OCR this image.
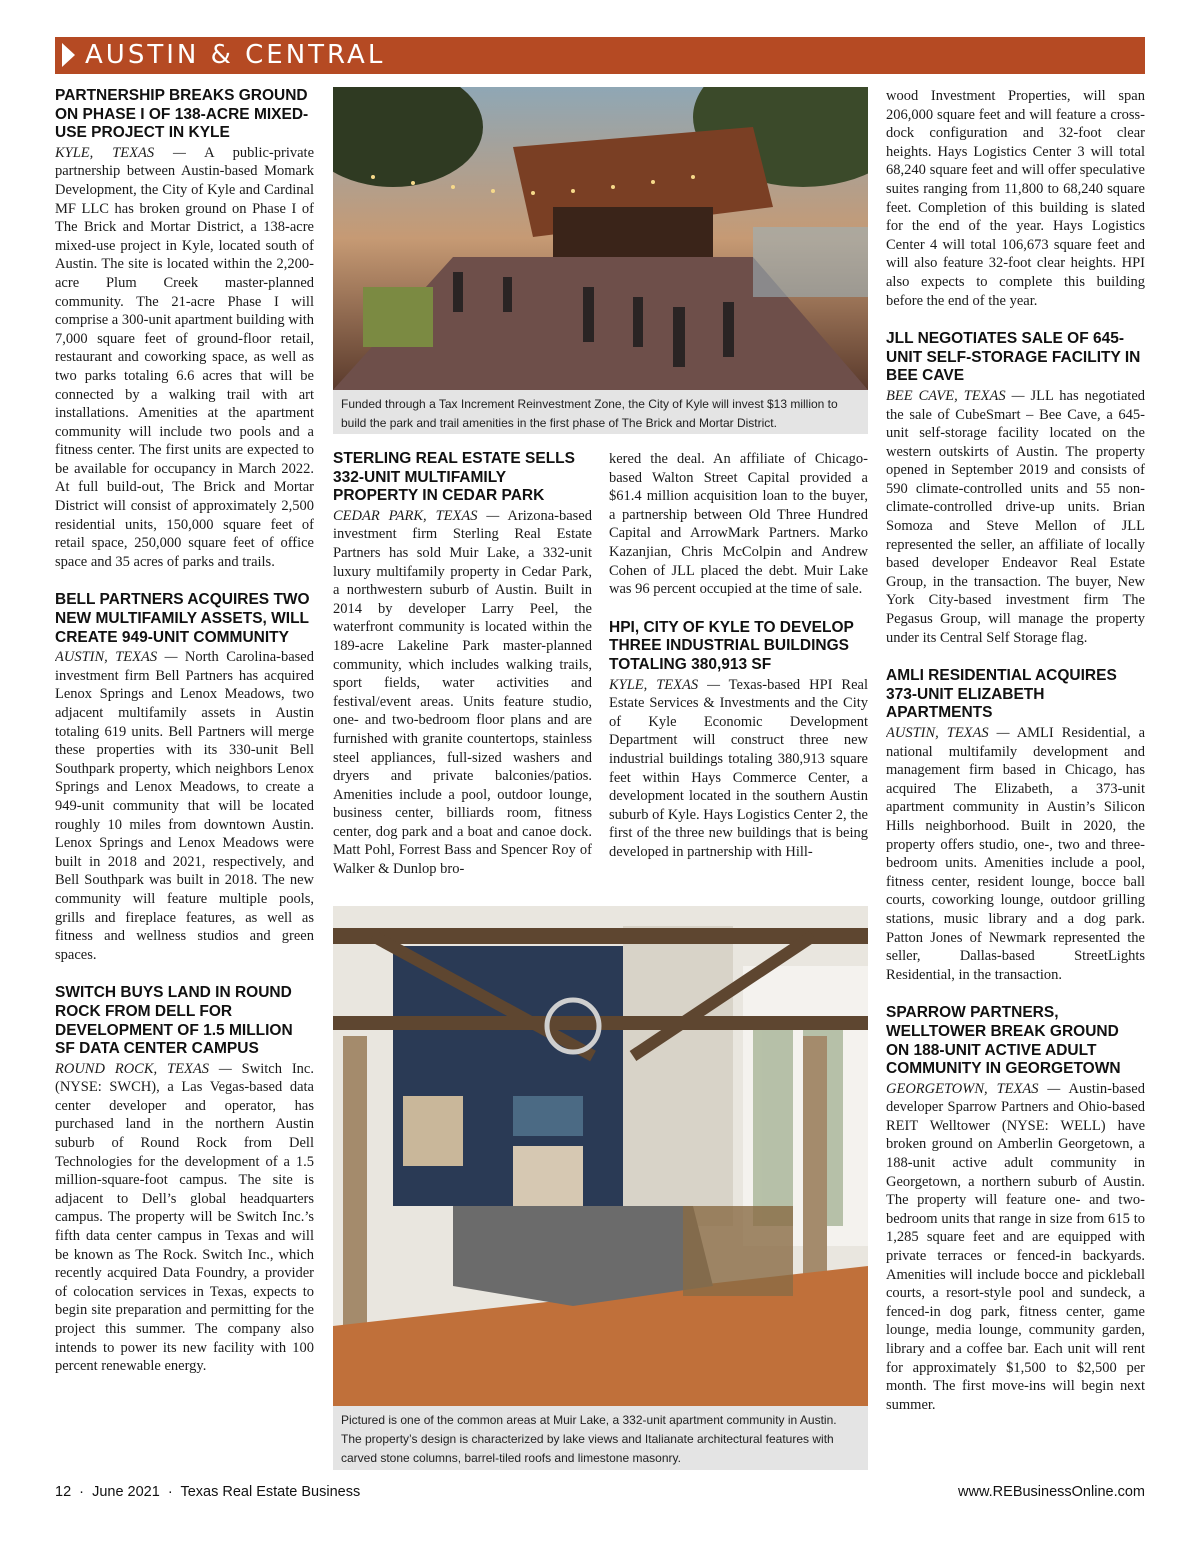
AUSTIN & CENTRAL
PARTNERSHIP BREAKS GROUND ON PHASE I OF 138-ACRE MIXED-USE PROJECT IN KYLE

KYLE, TEXAS — A public-private partnership between Austin-based Momark Development, the City of Kyle and Cardinal MF LLC has broken ground on Phase I of The Brick and Mortar District, a 138-acre mixed-use project in Kyle, located south of Austin. The site is located within the 2,200-acre Plum Creek master-planned community. The 21-acre Phase I will comprise a 300-unit apartment building with 7,000 square feet of ground-floor retail, restaurant and coworking space, as well as two parks totaling 6.6 acres that will be connected by a walking trail with art installations. Amenities at the apartment community will include two pools and a fitness center. The first units are expected to be available for occupancy in March 2022. At full build-out, The Brick and Mortar District will consist of approximately 2,500 residential units, 150,000 square feet of retail space, 250,000 square feet of office space and 35 acres of parks and trails.

BELL PARTNERS ACQUIRES TWO NEW MULTIFAMILY ASSETS, WILL CREATE 949-UNIT COMMUNITY

AUSTIN, TEXAS — North Carolina-based investment firm Bell Partners has acquired Lenox Springs and Lenox Meadows, two adjacent multifamily assets in Austin totaling 619 units. Bell Partners will merge these properties with its 330-unit Bell Southpark property, which neighbors Lenox Springs and Lenox Meadows, to create a 949-unit community that will be located roughly 10 miles from downtown Austin. Lenox Springs and Lenox Meadows were built in 2018 and 2021, respectively, and Bell Southpark was built in 2018. The new community will feature multiple pools, grills and fireplace features, as well as fitness and wellness studios and green spaces.

SWITCH BUYS LAND IN ROUND ROCK FROM DELL FOR DEVELOPMENT OF 1.5 MILLION SF DATA CENTER CAMPUS

ROUND ROCK, TEXAS — Switch Inc. (NYSE: SWCH), a Las Vegas-based data center developer and operator, has purchased land in the northern Austin suburb of Round Rock from Dell Technologies for the development of a 1.5 million-square-foot campus. The site is adjacent to Dell’s global headquarters campus. The property will be Switch Inc.’s fifth data center campus in Texas and will be known as The Rock. Switch Inc., which recently acquired Data Foundry, a provider of colocation services in Texas, expects to begin site preparation and permitting for the project this summer. The company also intends to power its new facility with 100 percent renewable energy.

Funded through a Tax Increment Reinvestment Zone, the City of Kyle will invest $13 million to build the park and trail amenities in the first phase of The Brick and Mortar District.
STERLING REAL ESTATE SELLS 332-UNIT MULTIFAMILY PROPERTY IN CEDAR PARK

CEDAR PARK, TEXAS — Arizona-based investment firm Sterling Real Estate Partners has sold Muir Lake, a 332-unit luxury multifamily property in Cedar Park, a northwestern suburb of Austin. Built in 2014 by developer Larry Peel, the waterfront community is located within the 189-acre Lakeline Park master-planned community, which includes walking trails, sport fields, water activities and festival/event areas. Units feature studio, one- and two-bedroom floor plans and are furnished with granite countertops, stainless steel appliances, full-sized washers and dryers and private balconies/patios. Amenities include a pool, outdoor lounge, business center, billiards room, fitness center, dog park and a boat and canoe dock. Matt Pohl, Forrest Bass and Spencer Roy of Walker & Dunlop bro-

kered the deal. An affiliate of Chicago-based Walton Street Capital provided a $61.4 million acquisition loan to the buyer, a partnership between Old Three Hundred Capital and ArrowMark Partners. Marko Kazanjian, Chris McColpin and Andrew Cohen of JLL placed the debt. Muir Lake was 96 percent occupied at the time of sale.

HPI, CITY OF KYLE TO DEVELOP THREE INDUSTRIAL BUILDINGS TOTALING 380,913 SF

KYLE, TEXAS — Texas-based HPI Real Estate Services & Investments and the City of Kyle Economic Development Department will construct three new industrial buildings totaling 380,913 square feet within Hays Commerce Center, a development located in the southern Austin suburb of Kyle. Hays Logistics Center 2, the first of the three new buildings that is being developed in partnership with Hill-

Pictured is one of the common areas at Muir Lake, a 332-unit apartment community in Austin. The property’s design is characterized by lake views and Italianate architectural features with carved stone columns, barrel-tiled roofs and limestone masonry.

wood Investment Properties, will span 206,000 square feet and will feature a cross-dock configuration and 32-foot clear heights. Hays Logistics Center 3 will total 68,240 square feet and will offer speculative suites ranging from 11,800 to 68,240 square feet. Completion of this building is slated for the end of the year. Hays Logistics Center 4 will total 106,673 square feet and will also feature 32-foot clear heights. HPI also expects to complete this building before the end of the year.

JLL NEGOTIATES SALE OF 645-UNIT SELF-STORAGE FACILITY IN BEE CAVE

BEE CAVE, TEXAS — JLL has negotiated the sale of CubeSmart – Bee Cave, a 645-unit self-storage facility located on the western outskirts of Austin. The property opened in September 2019 and consists of 590 climate-controlled units and 55 non-climate-controlled drive-up units. Brian Somoza and Steve Mellon of JLL represented the seller, an affiliate of locally based developer Endeavor Real Estate Group, in the transaction. The buyer, New York City-based investment firm The Pegasus Group, will manage the property under its Central Self Storage flag.

AMLI RESIDENTIAL ACQUIRES 373-UNIT ELIZABETH APARTMENTS

AUSTIN, TEXAS — AMLI Residential, a national multifamily development and management firm based in Chicago, has acquired The Elizabeth, a 373-unit apartment community in Austin’s Silicon Hills neighborhood. Built in 2020, the property offers studio, one-, two and three-bedroom units. Amenities include a pool, fitness center, resident lounge, bocce ball courts, coworking lounge, outdoor grilling stations, music library and a dog park. Patton Jones of Newmark represented the seller, Dallas-based StreetLights Residential, in the transaction.

SPARROW PARTNERS, WELLTOWER BREAK GROUND ON 188-UNIT ACTIVE ADULT COMMUNITY IN GEORGETOWN

GEORGETOWN, TEXAS — Austin-based developer Sparrow Partners and Ohio-based REIT Welltower (NYSE: WELL) have broken ground on Amberlin Georgetown, a 188-unit active adult community in Georgetown, a northern suburb of Austin. The property will feature one- and two-bedroom units that range in size from 615 to 1,285 square feet and are equipped with private terraces or fenced-in backyards. Amenities will include bocce and pickleball courts, a resort-style pool and sundeck, a fenced-in dog park, fitness center, game lounge, media lounge, community garden, library and a coffee bar. Each unit will rent for approximately $1,500 to $2,500 per month. The first move-ins will begin next summer.

12  ·  June 2021  ·  Texas Real Estate Business	www.REBusinessOnline.com
